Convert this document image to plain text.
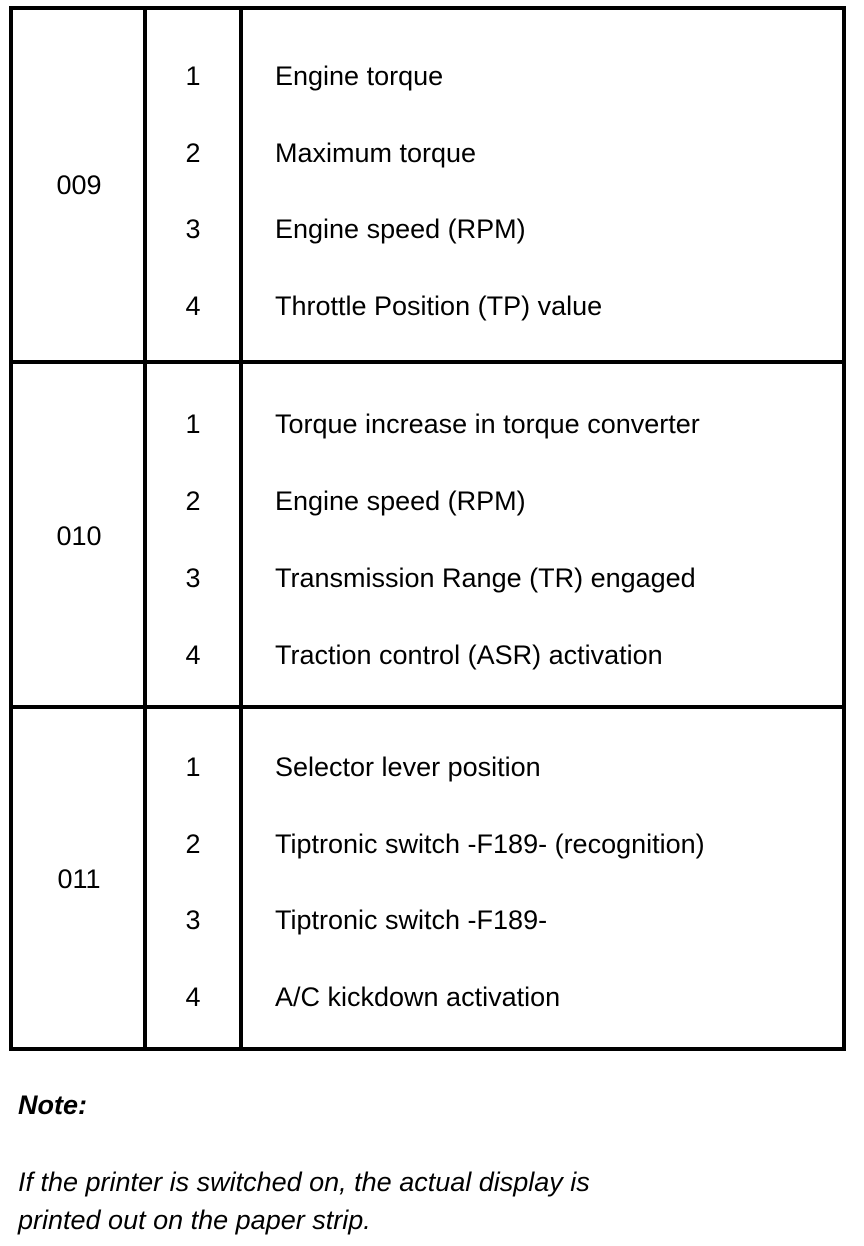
009
1	Engine torque
2	Maximum torque
3	Engine speed (RPM)
4	Throttle Position (TP) value
010
1	Torque increase in torque converter
2	Engine speed (RPM)
3	Transmission Range (TR) engaged
4	Traction control (ASR) activation
011
1	Selector lever position
2	Tiptronic switch -F189- (recognition)
3	Tiptronic switch -F189-
4	A/C kickdown activation
Note:
If the printer is switched on, the actual display is
printed out on the paper strip.
